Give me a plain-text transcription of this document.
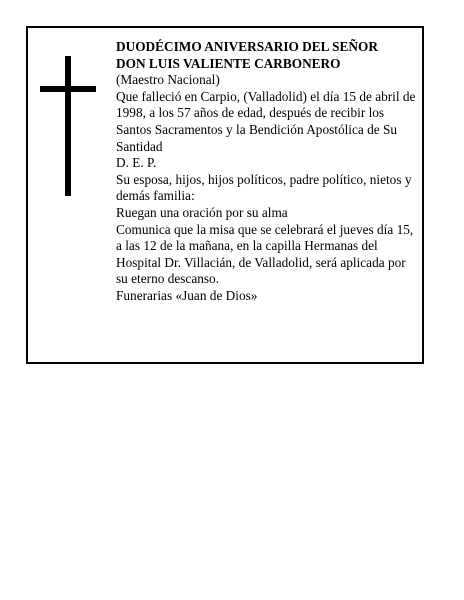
DUODÉCIMO ANIVERSARIO DEL SEÑOR

DON LUIS VALIENTE CARBONERO

(Maestro Nacional)

Que falleció en Carpio, (Valladolid) el día 15 de abril de 1998, a los 57 años de edad, después de recibir los Santos Sacramentos y la Bendición Apostólica de Su Santidad

D. E. P.

Su esposa, hijos, hijos políticos, padre político, nietos y demás familia:

Ruegan una oración por su alma

Comunica que la misa que se celebrará el jueves día 15, a las 12 de la mañana, en la capilla Hermanas del Hospital Dr. Villacián, de Valladolid, será aplicada por su eterno descanso.

Funerarias «Juan de Dios»
